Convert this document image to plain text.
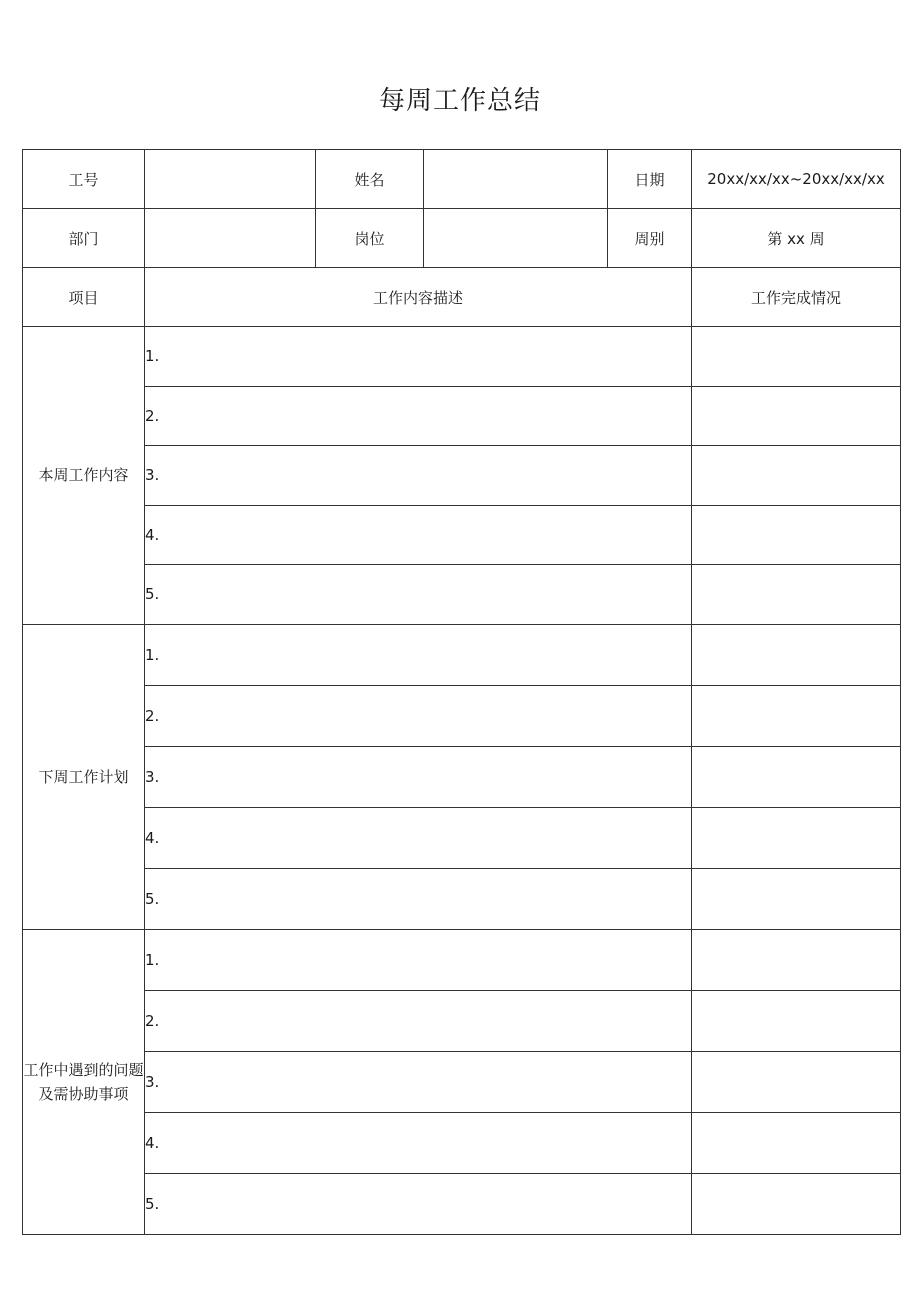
每周工作总结
工号		姓名		日期	20xx/xx/xx~20xx/xx/xx
部门		岗位		周别	第 xx 周
项目	工作内容描述				工作完成情况
本周工作内容	1.				
	2.				
	3.				
	4.				
	5.				
下周工作计划	1.				
	2.				
	3.				
	4.				
	5.				
工作中遇到的问题及需协助事项	1.				
	2.				
	3.				
	4.				
	5.				
